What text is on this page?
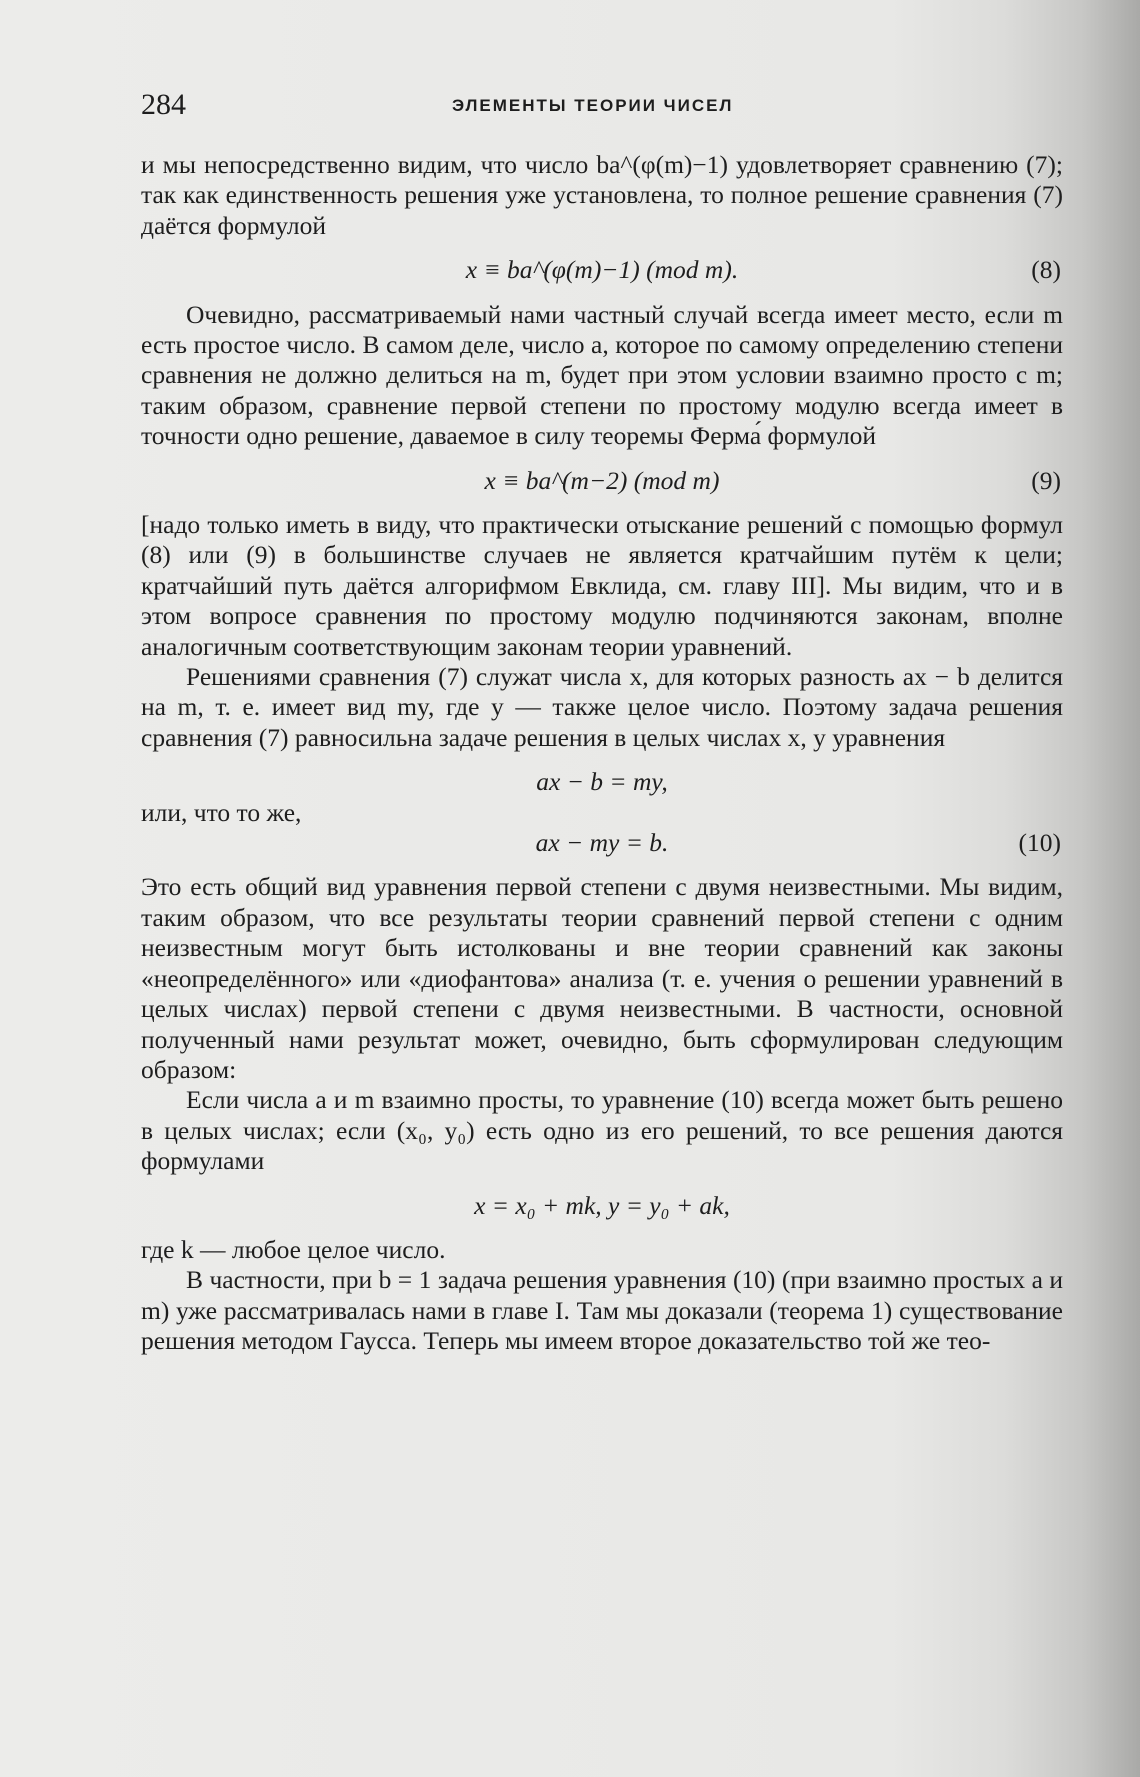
284	ЭЛЕМЕНТЫ ТЕОРИИ ЧИСЕЛ

и мы непосредственно видим, что число ba^(φ(m)−1) удовлетворяет сравнению (7); так как единственность решения уже установлена, то полное решение сравнения (7) даётся формулой

x ≡ ba^(φ(m)−1) (mod m).	(8)

Очевидно, рассматриваемый нами частный случай всегда имеет место, если m есть простое число. В самом деле, число a, которое по самому определению степени сравнения не должно делиться на m, будет при этом условии взаимно просто с m; таким образом, сравнение первой степени по простому модулю всегда имеет в точности одно решение, даваемое в силу теоремы Ферма́ формулой

x ≡ ba^(m−2) (mod m)	(9)

[надо только иметь в виду, что практически отыскание решений с помощью формул (8) или (9) в большинстве случаев не является кратчайшим путём к цели; кратчайший путь даётся алгорифмом Евклида, см. главу III]. Мы видим, что и в этом вопросе сравнения по простому модулю подчиняются законам, вполне аналогичным соответствующим законам теории уравнений.

Решениями сравнения (7) служат числа x, для которых разность ax − b делится на m, т. е. имеет вид my, где y — также целое число. Поэтому задача решения сравнения (7) равносильна задаче решения в целых числах x, y уравнения

ax − b = my,

или, что то же,

ax − my = b.	(10)

Это есть общий вид уравнения первой степени с двумя неизвестными. Мы видим, таким образом, что все результаты теории сравнений первой степени с одним неизвестным могут быть истолкованы и вне теории сравнений как законы «неопределённого» или «диофантова» анализа (т. е. учения о решении уравнений в целых числах) первой степени с двумя неизвестными. В частности, основной полученный нами результат может, очевидно, быть сформулирован следующим образом:

Если числа a и m взаимно просты, то уравнение (10) всегда может быть решено в целых числах; если (x₀, y₀) есть одно из его решений, то все решения даются формулами

x = x₀ + mk, y = y₀ + ak,

где k — любое целое число.

В частности, при b = 1 задача решения уравнения (10) (при взаимно простых a и m) уже рассматривалась нами в главе I. Там мы доказали (теорема 1) существование решения методом Гаусса. Теперь мы имеем второе доказательство той же тео-
